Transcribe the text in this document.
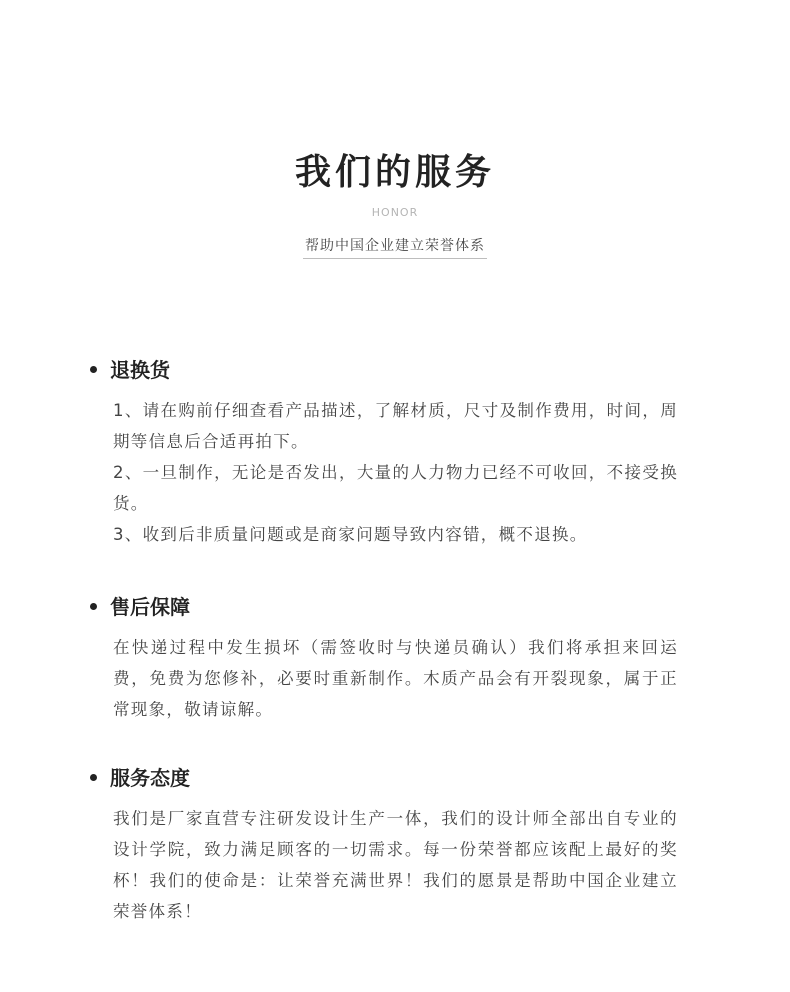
我们的服务
HONOR
帮助中国企业建立荣誉体系
退换货

1、请在购前仔细查看产品描述，了解材质，尺寸及制作费用，时间，周期等信息后合适再拍下。

2、一旦制作，无论是否发出，大量的人力物力已经不可收回，不接受换货。

3、收到后非质量问题或是商家问题导致内容错，概不退换。

售后保障

在快递过程中发生损坏（需签收时与快递员确认）我们将承担来回运费，免费为您修补，必要时重新制作。木质产品会有开裂现象，属于正常现象，敬请谅解。

服务态度

我们是厂家直营专注研发设计生产一体，我们的设计师全部出自专业的设计学院，致力满足顾客的一切需求。每一份荣誉都应该配上最好的奖杯！我们的使命是：让荣誉充满世界！我们的愿景是帮助中国企业建立荣誉体系！
